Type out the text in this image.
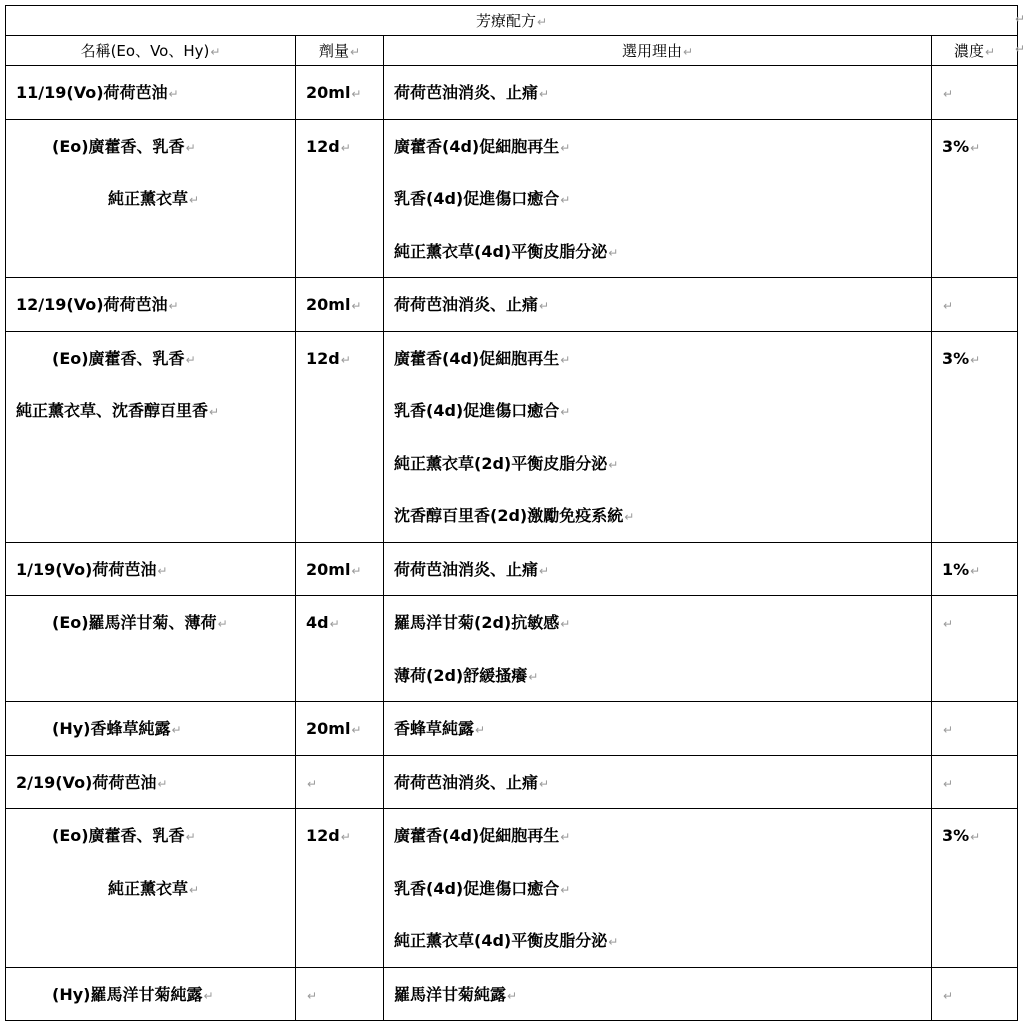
芳療配方↵			
名稱(Eo、Vo、Hy)↵	劑量↵	選用理由↵	濃度↵

11/19(Vo)荷荷芭油↵	20ml↵	荷荷芭油消炎、止痛↵	↵

(Eo)廣藿香、乳香↵
純正薰衣草↵	12d↵	廣藿香(4d)促細胞再生↵
乳香(4d)促進傷口癒合↵
純正薰衣草(4d)平衡皮脂分泌↵	3%↵

12/19(Vo)荷荷芭油↵	20ml↵	荷荷芭油消炎、止痛↵	↵

(Eo)廣藿香、乳香↵
純正薰衣草、沈香醇百里香↵	12d↵	廣藿香(4d)促細胞再生↵
乳香(4d)促進傷口癒合↵
純正薰衣草(2d)平衡皮脂分泌↵
沈香醇百里香(2d)激勵免疫系統↵	3%↵

1/19(Vo)荷荷芭油↵	20ml↵	荷荷芭油消炎、止痛↵	1%↵

(Eo)羅馬洋甘菊、薄荷↵	4d↵	羅馬洋甘菊(2d)抗敏感↵
薄荷(2d)舒緩搔癢↵	↵

(Hy)香蜂草純露↵	20ml↵	香蜂草純露↵	↵

2/19(Vo)荷荷芭油↵	↵	荷荷芭油消炎、止痛↵	↵

(Eo)廣藿香、乳香↵
純正薰衣草↵	12d↵	廣藿香(4d)促細胞再生↵
乳香(4d)促進傷口癒合↵
純正薰衣草(4d)平衡皮脂分泌↵	3%↵

(Hy)羅馬洋甘菊純露↵	↵	羅馬洋甘菊純露↵	↵
↵
↵
